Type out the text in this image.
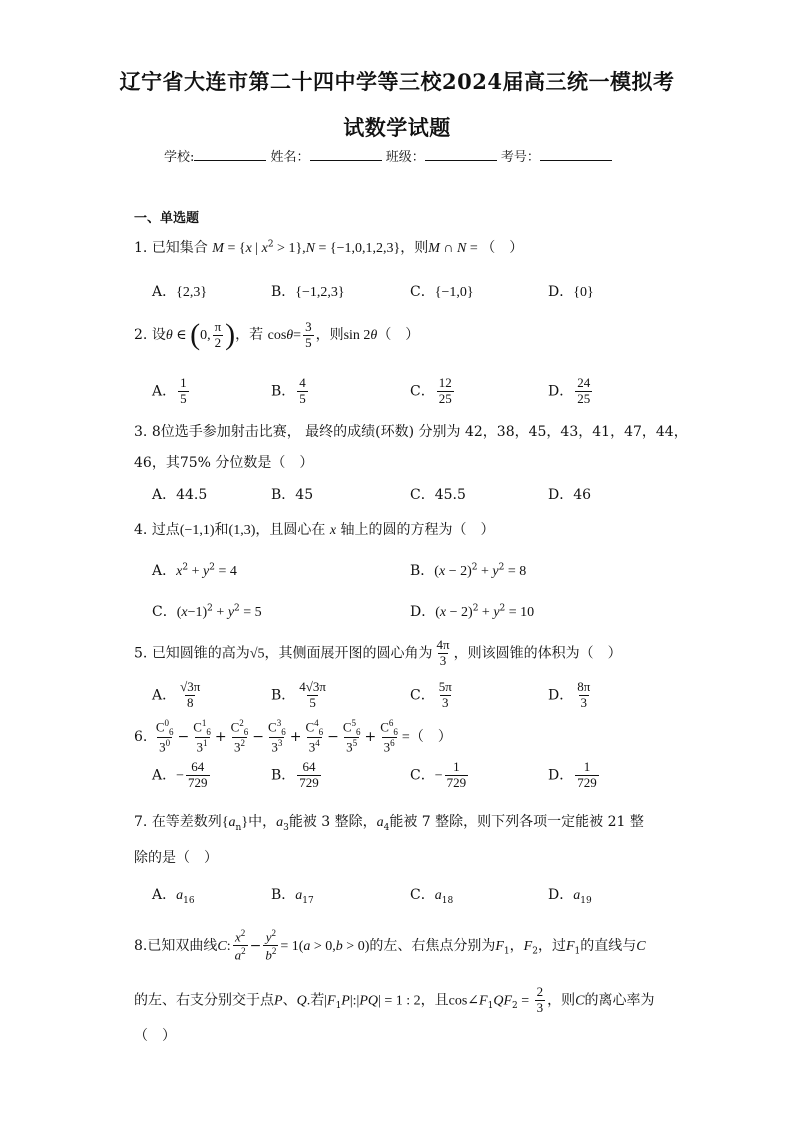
辽宁省大连市第二十四中学等三校2024届高三统一模拟考
试数学试题
学校:	姓名：	班级：	考号：
一、单选题
1. 已知集合 M = {x | $x^2 > 1\},N = \{-1,0,1,2,3\}$，则M ∩ N = （　）
A．{2,3}	B．{−1,2,3}	C．{−1,0}	D．{0}
2. 设θ ∈ (0, $\frac{\pi}{2}$ )，若 $\cos\theta= \frac{3}{5}$ ，则sin 2θ（　）
A． $\frac{1}{5}$	B． $\frac{4}{5}$	C． $\frac{12}{25}$	D． $\frac{24}{25}$
3. 8位选手参加射击比赛， 最终的成绩(环数) 分别为 42，38，45，43，41，47，44，
46，其75% 分位数是（　）
A．44.5	B．45	C．45.5	D．46
4. 过点(−1,1)和(1,3)，且圆心在 x 轴上的圆的方程为（　）
A．$x^2 + y^2 = 4$	B．$(x - 2)^2 + y^2 = 8$
C．$(x-1)^2 + y^2 = 5$	D．$(x - 2)^2 + y^2 = 10$
5. 已知圆锥的高为√5，其侧面展开图的圆心角为 $\frac{4\pi}{3}$ ，则该圆锥的体积为（　）
A． $\frac{√3\pi}{8}$	B． $\frac{4√3\pi}{5}$	C． $\frac{5\pi}{3}$	D． $\frac{8\pi}{3}$
6. $\frac{C^0_6}{3^0} - \frac{C^1_6}{3^1} + \frac{C^2_6}{3^2} - \frac{C^3_6}{3^3} + \frac{C^4_6}{3^4} - \frac{C^5_6}{3^5} + \frac{C^6_6}{3^6}$ =（　）
A．− $\frac{64}{729}$	B． $\frac{64}{729}$	C．− $\frac{1}{729}$	D． $\frac{1}{729}$
7. 在等差数列$\{a_n\}$中，$a_3$能被 3 整除，$a_4$能被 7 整除，则下列各项一定能被 21 整
除的是（　）
A．$a_{16}$	B．$a_{17}$	C．$a_{18}$	D．$a_{19}$
8.已知双曲线C: $\frac{x^2}{a^2} - \frac{y^2}{b^2} = 1(a > 0,b > 0)$的左、右焦点分别为$F_1$，$F_2$，过$F_1$的直线与C
的左、右支分别交于点P、Q.若$|F_1P|:|PQ| = 1$ : 2，且$\cos\angle F_1QF_2 = \frac{2}{3}$ ，则C的离心率为
（　）
